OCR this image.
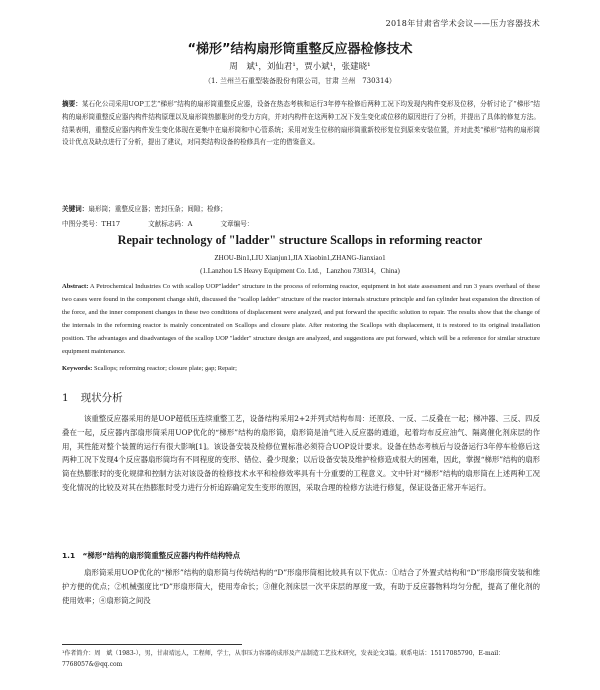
2018年甘肃省学术会议——压力容器技术
“梯形”结构扇形筒重整反应器检修技术
周　斌¹，刘仙君¹，贾小斌¹，张建晓¹
（1. 兰州兰石重型装备股份有限公司，甘肃 兰州　730314）
摘要：某石化公司采用UOP工艺“梯形”结构的扇形筒重整反应器，设备在热态考核和运行3年停车检修后两种工况下均发现内构件变形及位移，分析讨论了“梯形”结构的扇形筒重整反应器内构件结构原理以及扇形筒热膨胀时的受力方向，并对内构件在这两种工况下发生变化或位移的原因进行了分析，并提出了具体的修复方法。结果表明，重整反应器内构件发生变化体现在更集中在扇形筒和中心管系统；采用对发生位移的扇形筒重新校形复位到原来安装位置，并对此类“梯形”结构的扇形筒设计优点及缺点进行了分析，提出了建议，对同类结构设备的检修具有一定的借鉴意义。
关键词：扇形筒；重整反应器；密封压条；间隙；检修；
中图分类号：TH17	文献标志码：A	文章编号：
Repair technology of "ladder" structure Scallops in reforming reactor
ZHOU-Bin1,LIU Xianjun1,JIA Xiaobin1,ZHANG-Jianxiao1
(1.Lanzhou LS Heavy Equipment Co. Ltd.，Lanzhou 730314，China)
Abstract: A Petrochemical Industries Co with scallop UOP"ladder" structure in the process of reforming reactor, equipment in hot state assessment and run 3 years overhaul of these two cases were found in the component change shift, discussed the "scallop ladder" structure of the reactor internals structure principle and fan cylinder heat expansion the direction of the force, and the inner component changes in these two conditions of displacement were analyzed, and put forward the specific solution to repair. The results show that the change of the internals in the reforming reactor is mainly concentrated on Scallops and closure plate. After restoring the Scallops with displacement, it is restored to its original installation position. The advantages and disadvantages of the scallop UOP "ladder" structure design are analyzed, and suggestions are put forward, which will be a reference for similar structure equipment maintenance.
Keywords: Scallops; reforming reactor; closure plate; gap; Repair;
1 现状分析
该重整反应器采用的是UOP超低压连续重整工艺，设备结构采用2+2并列式结构布局：还原段、一反、二反叠在一起；梯冲器、三反、四反叠在一起，反应器内部扇形筒采用UOP优化的“梯形”结构的扇形筒，扇形筒是油气进入反应器的通道，起着均布反应油气、隔离催化剂床层的作用，其性能对整个装置的运行有很大影响[1]。该设备安装及检修位置标准必须符合UOP设计要求。设备在热态考核后与设备运行3年停车检修后这两种工况下发现4个反应器扇形筒均有不同程度的变形、错位、叠少现象；以后设备安装及维护检修造成很大的困难，因此，掌握“梯形”结构的扇形筒在热膨胀时的变化规律和控制方法对该设备的检修技术水平和检修效率具有十分重要的工程意义。文中针对“梯形”结构的扇形筒在上述两种工况变化情况的比较及对其在热膨胀时受力进行分析追踪确定发生变形的原因，采取合理的检修方法进行修复，保证设备正常开车运行。
1.1　“梯形”结构的扇形筒重整反应器内构件结构特点
扇形筒采用UOP优化的“梯形”结构的扇形筒与传统结构的“D”形扇形筒相比较具有以下优点：①结合了外置式结构和“D”形扇形筒安装和维护方便的优点；②机械强度比“D”形扇形筒大，使用寿命长；③催化剂床层一次平床层的厚度一致，有助于反应器物料均匀分配，提高了催化剂的使用效率；④扇形筒之间没
¹作者简介：周　斌（1983-），男，甘肃靖远人，工程师，学士，从事压力容器的成形及产品制造工艺技术研究，发表论文3篇。联系电话：15117085790，E-mail：7768057&@qq.com
